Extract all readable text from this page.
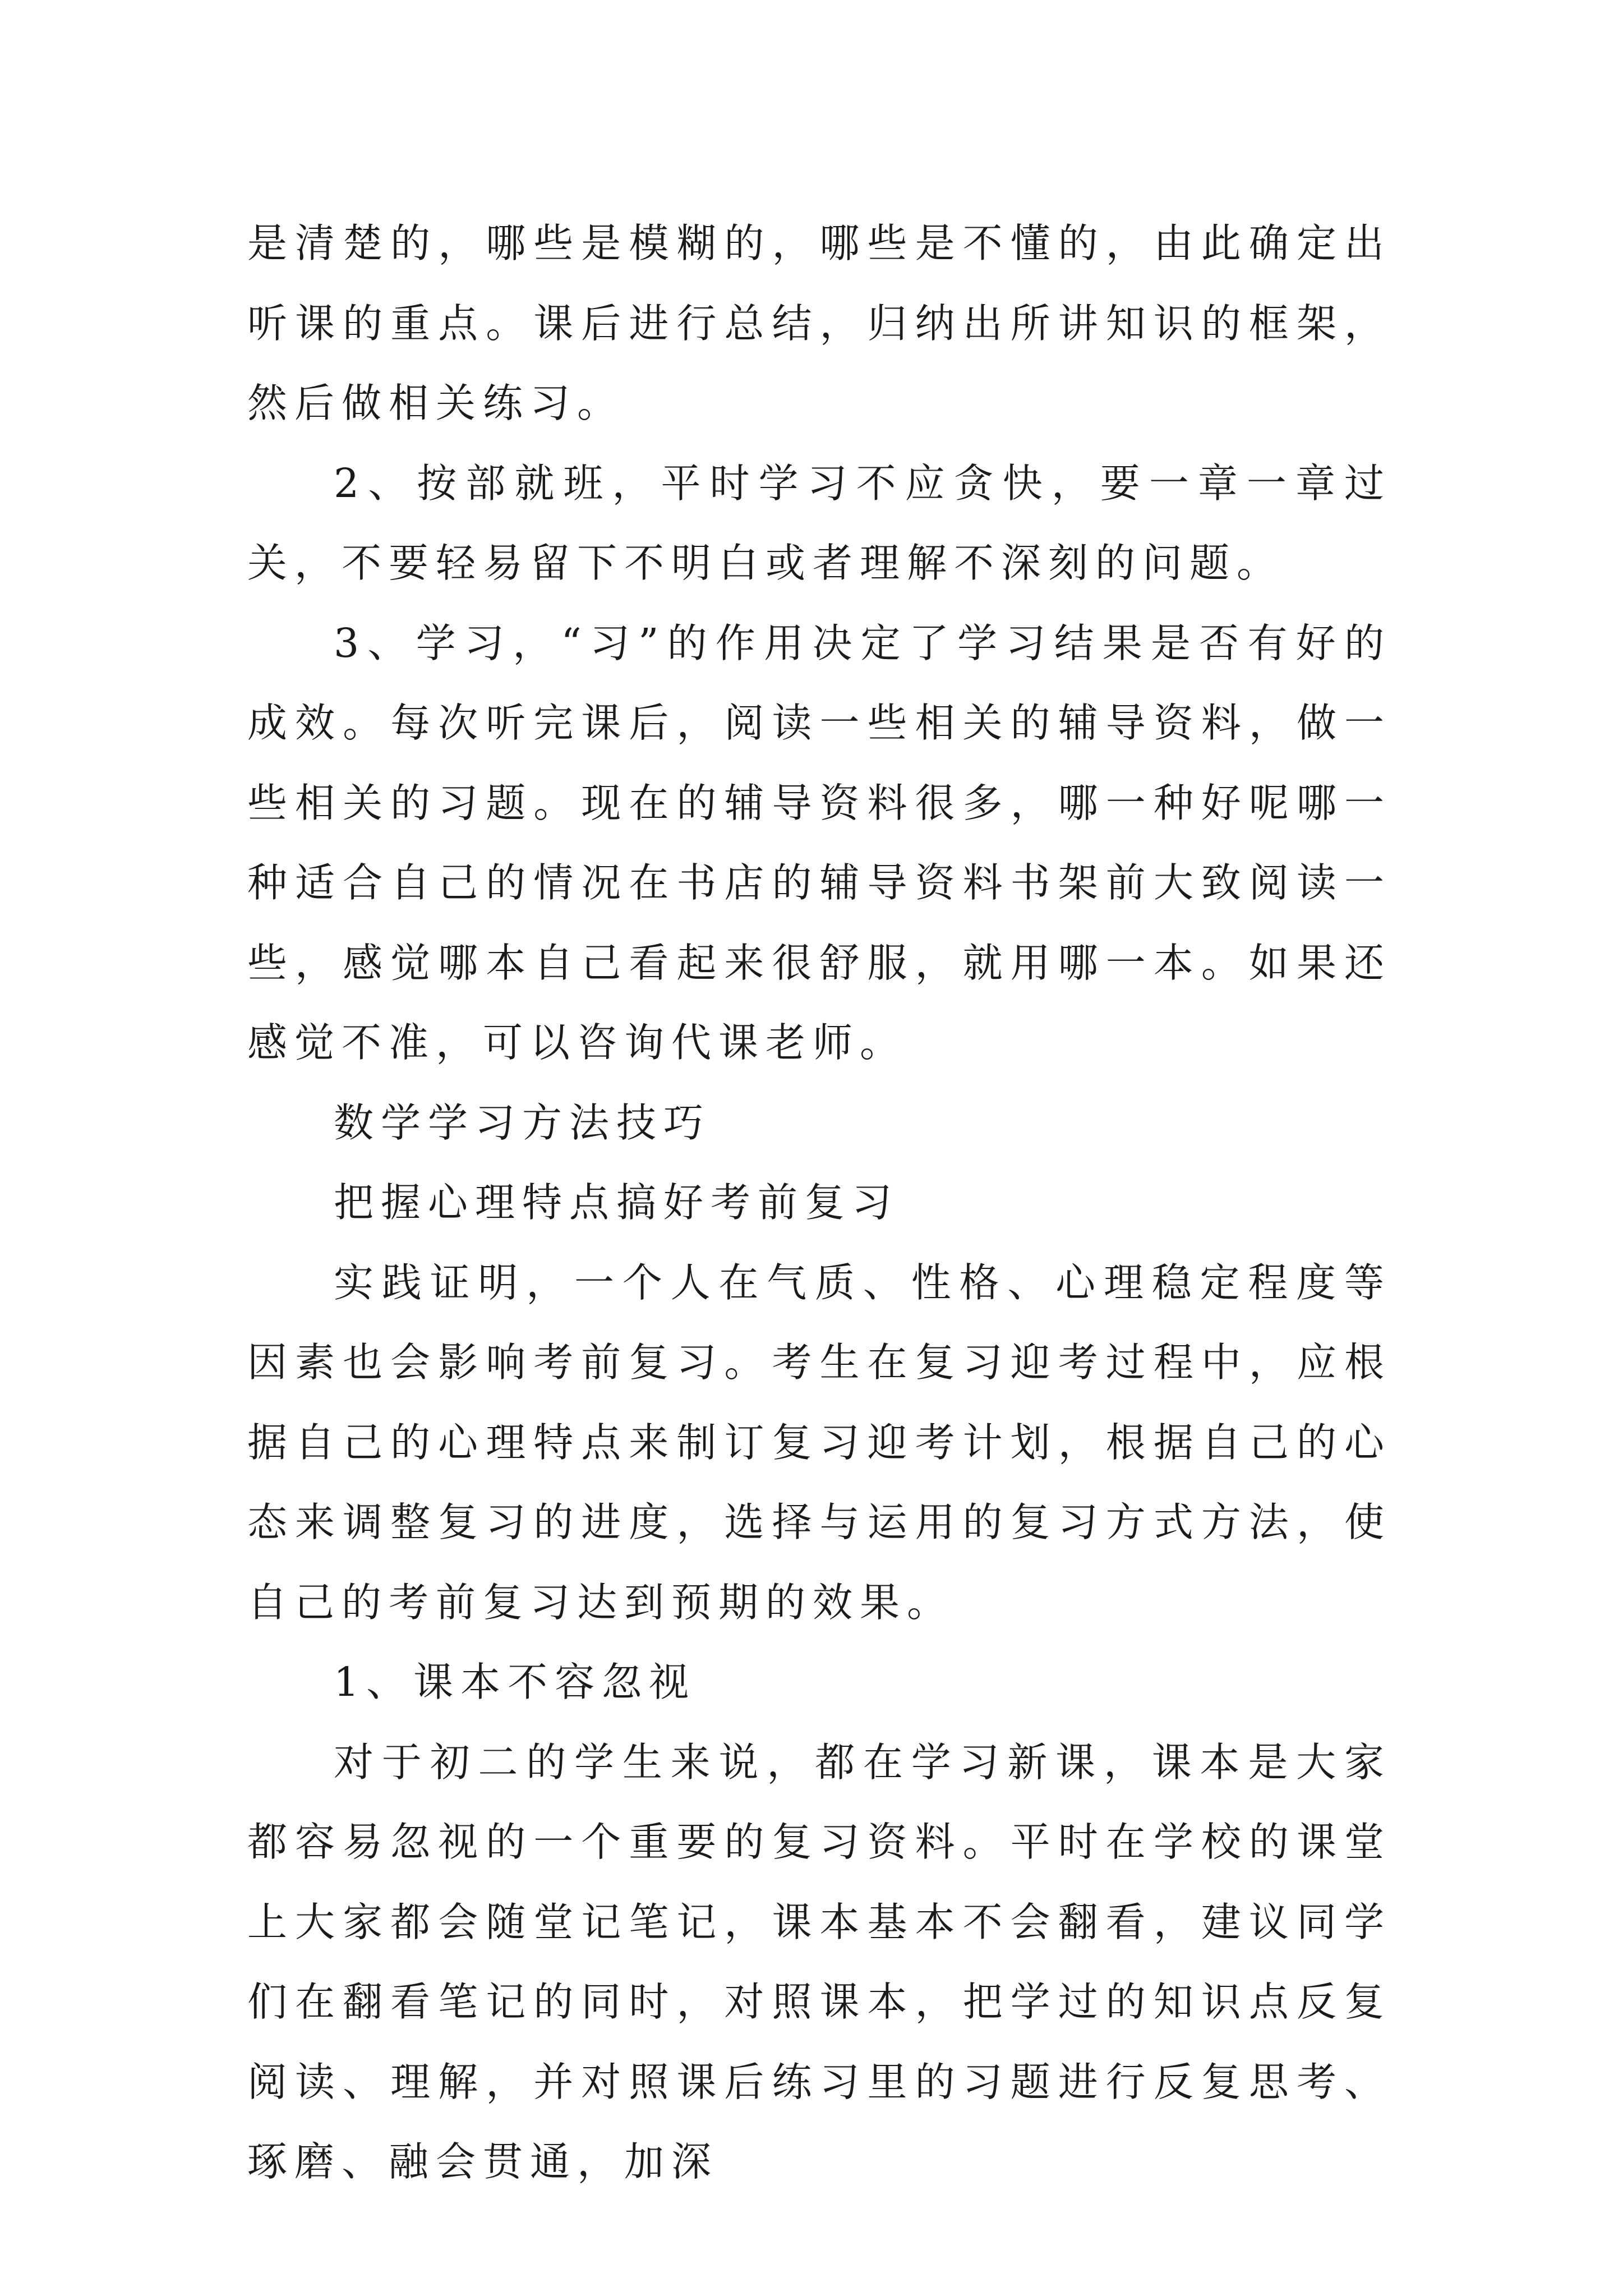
是清楚的，哪些是模糊的，哪些是不懂的，由此确定出听课的重点。课后进行总结，归纳出所讲知识的框架，然后做相关练习。

2、按部就班，平时学习不应贪快，要一章一章过关，不要轻易留下不明白或者理解不深刻的问题。

3、学习，“习”的作用决定了学习结果是否有好的成效。每次听完课后，阅读一些相关的辅导资料，做一些相关的习题。现在的辅导资料很多，哪一种好呢哪一种适合自己的情况在书店的辅导资料书架前大致阅读一些，感觉哪本自己看起来很舒服，就用哪一本。如果还感觉不准，可以咨询代课老师。

数学学习方法技巧

把握心理特点搞好考前复习

实践证明，一个人在气质、性格、心理稳定程度等因素也会影响考前复习。考生在复习迎考过程中，应根据自己的心理特点来制订复习迎考计划，根据自己的心态来调整复习的进度，选择与运用的复习方式方法，使自己的考前复习达到预期的效果。

1、课本不容忽视

对于初二的学生来说，都在学习新课，课本是大家都容易忽视的一个重要的复习资料。平时在学校的课堂上大家都会随堂记笔记，课本基本不会翻看，建议同学们在翻看笔记的同时，对照课本，把学过的知识点反复阅读、理解，并对照课后练习里的习题进行反复思考、琢磨、融会贯通，加深
